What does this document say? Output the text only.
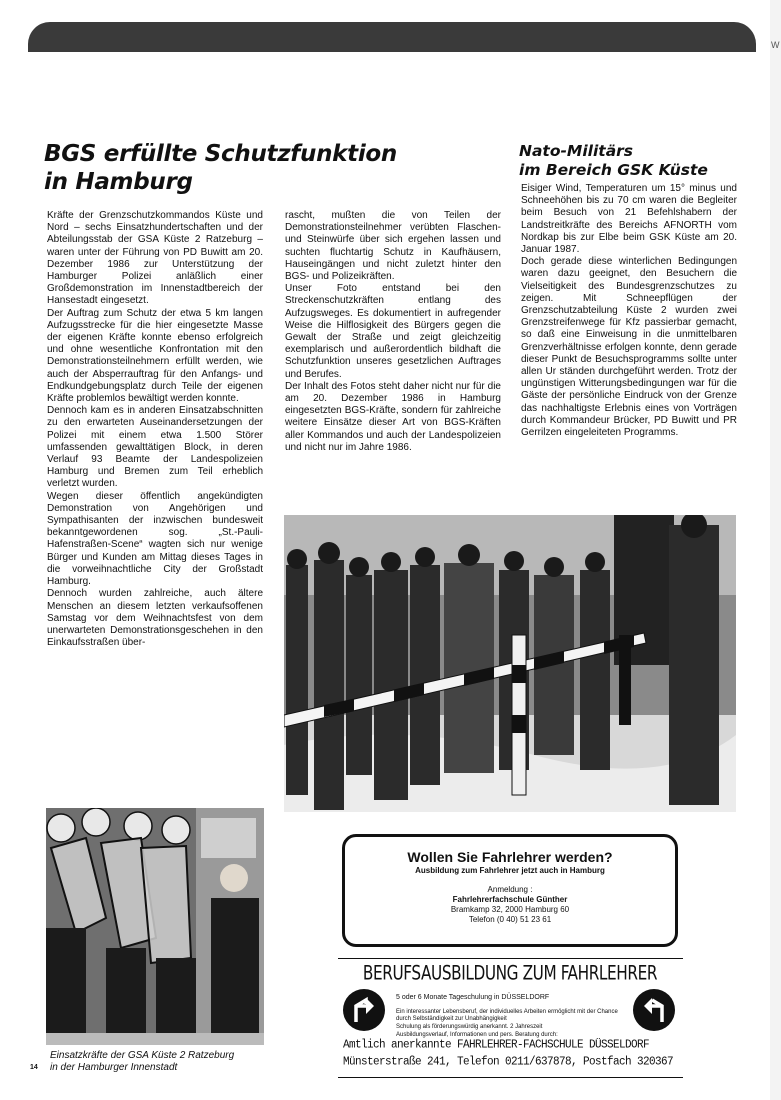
W
BGS erfüllte Schutzfunktion
in Hamburg
Kräfte der Grenzschutzkommandos Küste und Nord – sechs Einsatzhundertschaften und der Abteilungsstab der GSA Küste 2 Ratzeburg – waren unter der Führung von PD Buwitt am 20. Dezember 1986 zur Unterstützung der Hamburger Polizei anläßlich einer Großdemonstration im Innenstadtbereich der Hansestadt eingesetzt.
Der Auftrag zum Schutz der etwa 5 km langen Aufzugsstrecke für die hier eingesetzte Masse der eigenen Kräfte konnte ebenso erfolgreich und ohne wesentliche Konfrontation mit den Demonstrationsteilnehmern erfüllt werden, wie auch der Absperrauftrag für den Anfangs- und Endkundgebungsplatz durch Teile der eigenen Kräfte problemlos bewältigt werden konnte.
Dennoch kam es in anderen Einsatzabschnitten zu den erwarteten Auseinandersetzungen der Polizei mit einem etwa 1.500 Störer umfassenden gewalttätigen Block, in deren Verlauf 93 Beamte der Landespolizeien Hamburg und Bremen zum Teil erheblich verletzt wurden.
Wegen dieser öffentlich angekündigten Demonstration von Angehörigen und Sympathisanten der inzwischen bundesweit bekanntgewordenen sog. „St.-Pauli-Hafenstraßen-Scene“ wagten sich nur wenige Bürger und Kunden am Mittag dieses Tages in die vorweihnachtliche City der Großstadt Hamburg.
Dennoch wurden zahlreiche, auch ältere Menschen an diesem letzten verkaufsoffenen Samstag vor dem Weihnachtsfest von dem unerwarteten Demonstrationsgeschehen in den Einkaufsstraßen über-
rascht, mußten die von Teilen der Demonstrationsteilnehmer verübten Flaschen- und Steinwürfe über sich ergehen lassen und suchten fluchtartig Schutz in Kaufhäusern, Hauseingängen und nicht zuletzt hinter den BGS- und Polizeikräften.
Unser Foto entstand bei den Streckenschutzkräften entlang des Aufzugsweges. Es dokumentiert in aufregender Weise die Hilflosigkeit des Bürgers gegen die Gewalt der Straße und zeigt gleichzeitig exemplarisch und außerordentlich bildhaft die Schutzfunktion unseres gesetzlichen Auftrages und Berufes.
Der Inhalt des Fotos steht daher nicht nur für die am 20. Dezember 1986 in Hamburg eingesetzten BGS-Kräfte, sondern für zahlreiche weitere Einsätze dieser Art von BGS-Kräften aller Kommandos und auch der Landespolizeien und nicht nur im Jahre 1986.
Nato-Militärs
im Bereich GSK Küste
Eisiger Wind, Temperaturen um 15° minus und Schneehöhen bis zu 70 cm waren die Begleiter beim Besuch von 21 Befehlshabern der Landstreitkräfte des Bereichs AFNORTH vom Nordkap bis zur Elbe beim GSK Küste am 20. Januar 1987.
Doch gerade diese winterlichen Bedingungen waren dazu geeignet, den Besuchern die Vielseitigkeit des Bundesgrenzschutzes zu zeigen. Mit Schneepflügen der Grenzschutzabteilung Küste 2 wurden zwei Grenzstreifenwege für Kfz passierbar gemacht, so daß eine Einweisung in die unmittelbaren Grenzverhältnisse erfolgen konnte, denn gerade dieser Punkt de Besuchsprogramms sollte unter allen Ur ständen durchgeführt werden. Trotz der ungünstigen Witterungsbedingungen war für die Gäste der persönliche Eindruck von der Grenze das nachhaltigste Erlebnis eines von Vorträgen durch Kommandeur Brücker, PD Buwitt und PR Gerrilzen eingeleiteten Programms.
Einsatzkräfte der GSA Küste 2 Ratzeburg
in der Hamburger Innenstadt
14
Wollen Sie Fahrlehrer werden?
Ausbildung zum Fahrlehrer jetzt auch in Hamburg
Anmeldung :
Fahrlehrerfachschule Günther
Bramkamp 32, 2000 Hamburg 60
Telefon (0 40) 51 23 61
BERUFSAUSBILDUNG ZUM FAHRLEHRER

5 oder 6 Monate Tageschulung in DÜSSELDORF

Ein interessanter Lebensberuf, der individuelles Arbeiten ermöglicht mit der Chance durch Selbständigkeit zur Unabhängigkeit
Schulung als förderungswürdig anerkannt. 2 Jahreszeit
Ausbildungsverlauf, Informationen und pers. Beratung durch:

Amtlich anerkannte FAHRLEHRER-FACHSCHULE DÜSSELDORF
Münsterstraße 241, Telefon 0211/637878, Postfach 320367
